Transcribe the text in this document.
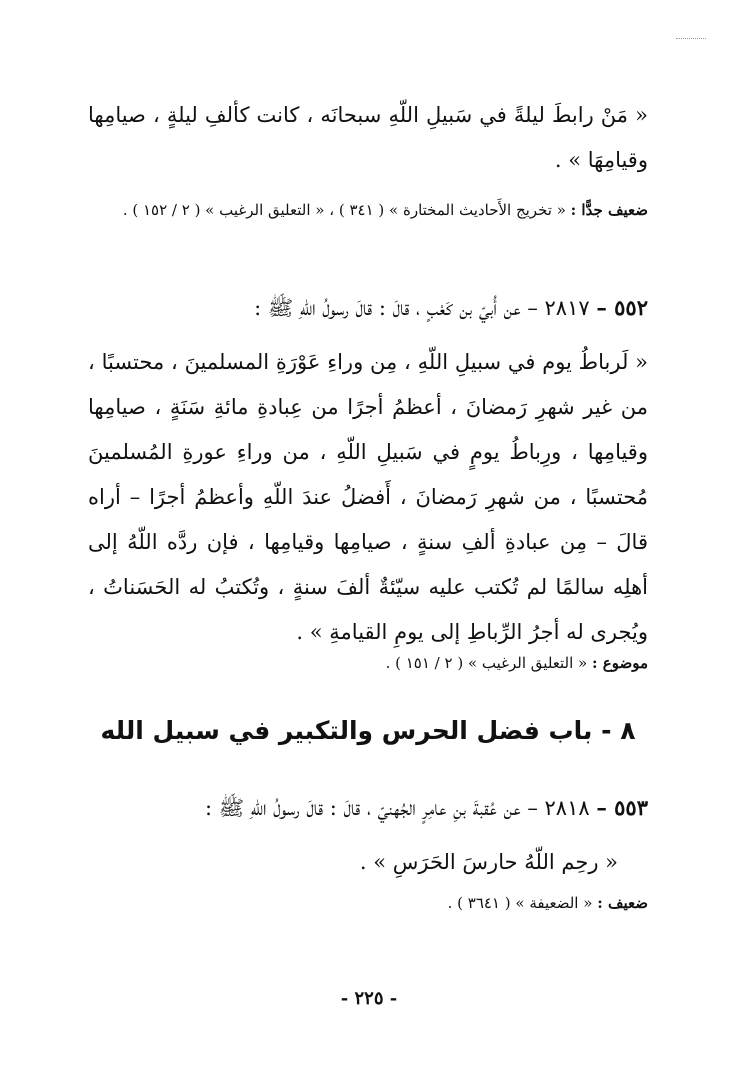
« مَنْ رابطَ ليلةً في سَبيلِ اللّهِ سبحانَه ، كانت كألفِ ليلةٍ ، صيامِها وقيامِهَا » .
ضعيف جدًّا : « تخريج الأَحاديث المختارة » ( ٣٤١ ) ، « التعليق الرغيب » ( ٢ / ١٥٢ ) .
٥٥٢ – ٢٨١٧ – عن أُبيّ بن كَعْبٍ ، قالَ : قالَ رسولُ اللّهِ ﷺ :
« لَرباطُ يوم في سبيلِ اللّهِ ، مِن وراءِ عَوْرَةِ المسلمينَ ، محتسبًا ، من غير شهرِ رَمضانَ ، أعظمُ أجرًا من عِبادةِ مائةِ سَنَةٍ ، صيامِها وقيامِها ، ورِباطُ يومٍ في سَبيلِ اللّهِ ، من وراءِ عورةِ المُسلمينَ مُحتسبًا ، من شهرِ رَمضانَ ، أَفضلُ عندَ اللّهِ وأعظمُ أجرًا – أراه قالَ – مِن عبادةِ ألفِ سنةٍ ، صيامِها وقيامِها ، فإن ردَّه اللّهُ إلى أهلِه سالمًا لم تُكتب عليه سيّئةٌ ألفَ سنةٍ ، وتُكتبُ له الحَسَناتُ ، ويُجرى له أجرُ الرِّباطِ إلى يومِ القيامةِ » .
موضوع : « التعليق الرغيب » ( ٢ / ١٥١ ) .
٨ - باب فضل الحرس والتكبير في سبيل الله
٥٥٣ – ٢٨١٨ – عن عُقبةَ بنِ عامِرٍ الجُهنيّ ، قالَ : قالَ رسولُ اللّهِ ﷺ :
« رحِم اللّهُ حارسَ الحَرَسِ » .
ضعيف : « الضعيفة » ( ٣٦٤١ ) .
- ٢٢٥ -
